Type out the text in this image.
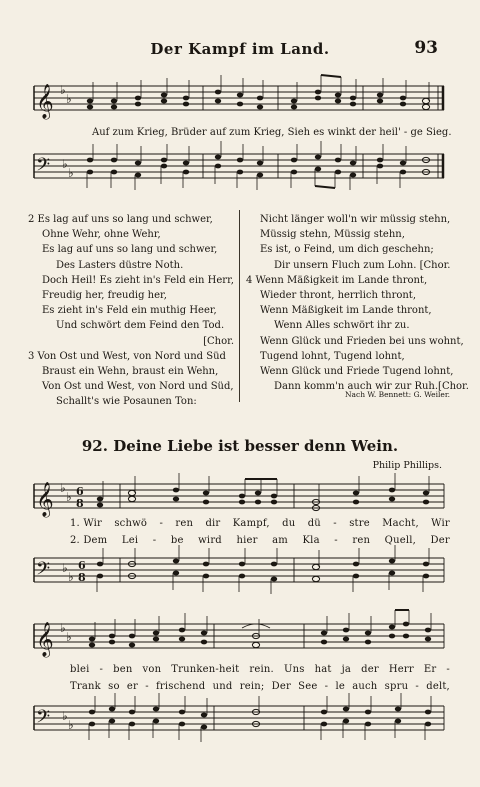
Der Kampf im Land.	93
𝄞 ♭
♭
Auf zum Krieg, Brüder auf zum Krieg, Sieh es winkt der heil' - ge Sieg.
𝄢 ♭
♭
2 Es lag auf uns so lang und schwer,
Ohne Wehr, ohne Wehr,
Es lag auf uns so lang und schwer,
Des Lasters düstre Noth.
Doch Heil! Es zieht in's Feld ein Herr,
Freudig her, freudig her,
Es zieht in's Feld ein muthig Heer,
Und schwört dem Feind den Tod.
[Chor.
3 Von Ost und West, von Nord und Süd
Braust ein Wehn, braust ein Wehn,
Von Ost und West, von Nord und Süd,
Schallt's wie Posaunen Ton:
Nicht länger woll'n wir müssig stehn,
Müssig stehn, Müssig stehn,
Es ist, o Feind, um dich geschehn;
Dir unsern Fluch zum Lohn. [Chor.
4 Wenn Mäßigkeit im Lande thront,
Wieder thront, herrlich thront,
Wenn Mäßigkeit im Lande thront,
Wenn Alles schwört ihr zu.
Wenn Glück und Frieden bei uns wohnt,
Tugend lohnt, Tugend lohnt,
Wenn Glück und Friede Tugend lohnt,
Dann komm'n auch wir zur Ruh.[Chor.
Nach W. Bennett: G. Weiler.
92. Deine Liebe ist besser denn Wein.
Philip Phillips.
𝄞 ♭
♭ 6
8
1. Wir schwö - ren dir Kampf, du dü - stre Macht, Wir
2. Dem Lei - be wird hier am Kla - ren Quell, Der
𝄢 ♭
♭
6
8
𝄞 ♭
♭
blei - ben von Trunken-heit rein. Uns hat ja der Herr Er -
Trank so er - frischend und rein; Der See - le auch spru - delt,
𝄢 ♭
♭
